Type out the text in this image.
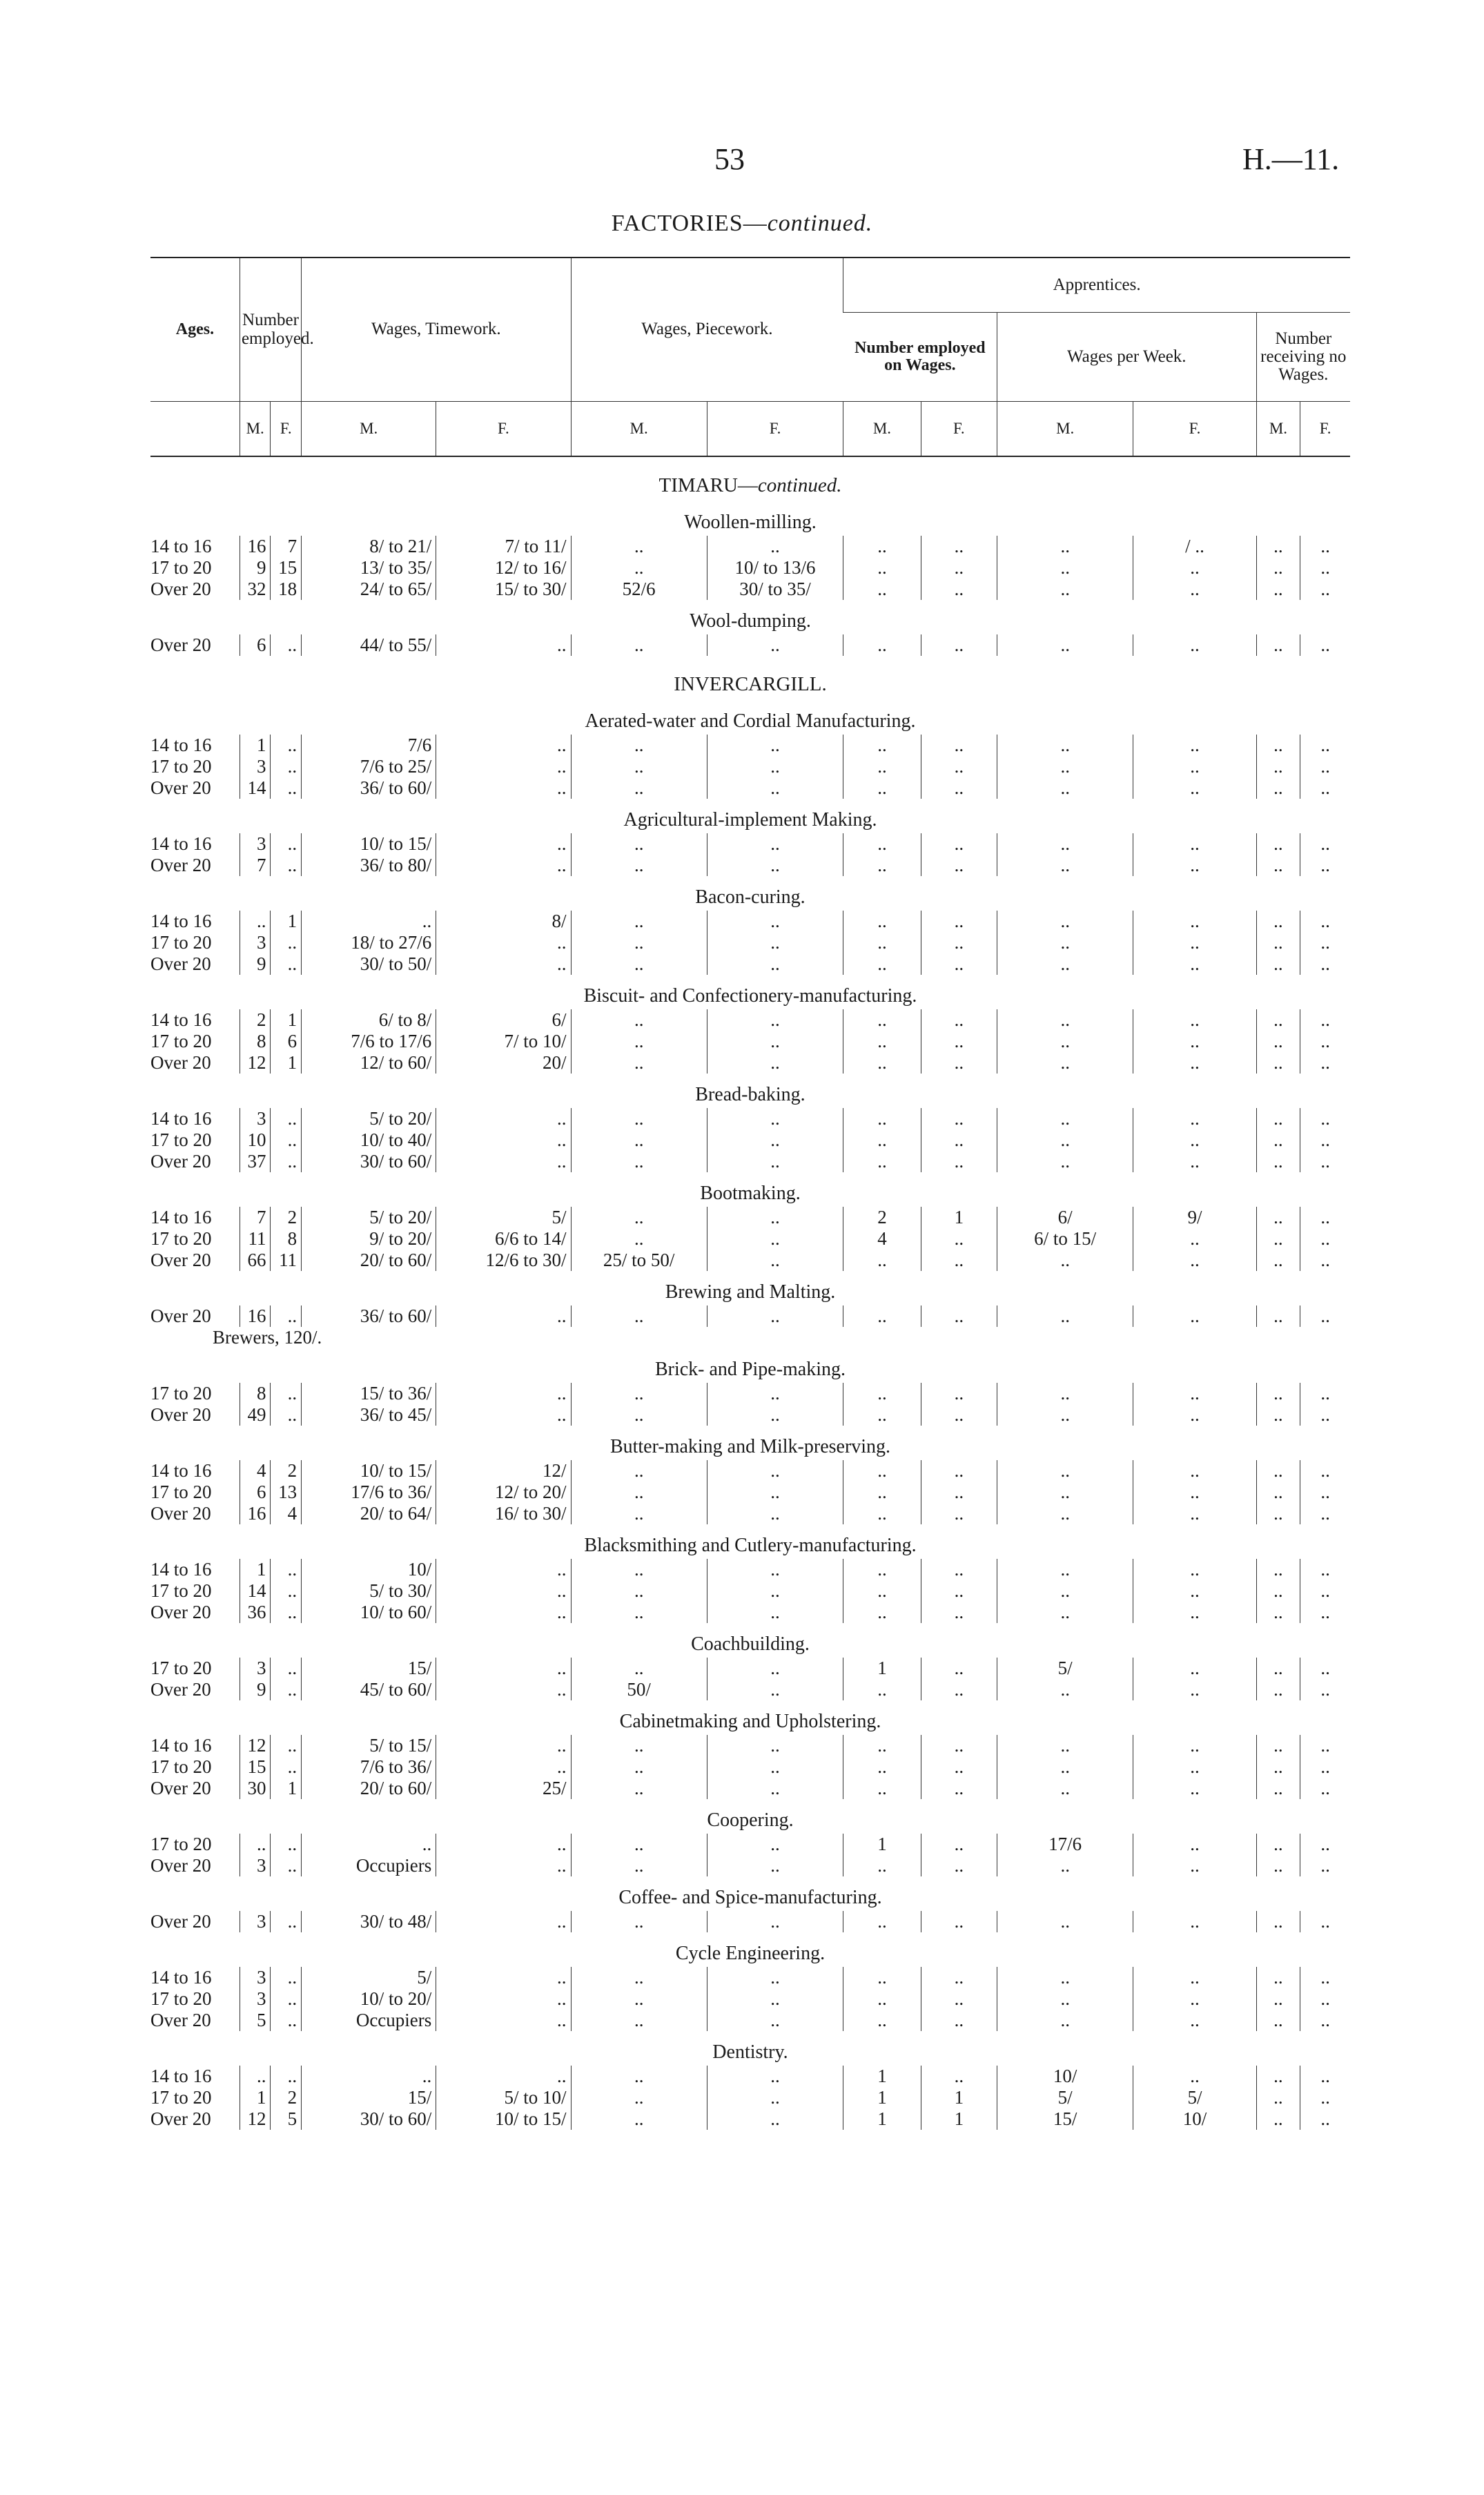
53	H.—11.
FACTORIES—continued.
Ages.	Number employed.		Wages, Timework.		Wages, Piecework.		Apprentices.					
							Number employed on Wages.		Wages per Week.		Number receiving no Wages.	
	M.	F.	M.	F.	M.	F.	M.	F.	M.	F.	M.	F.
TIMARU—continued.												
Woollen-milling.												
14 to 16	16	7	8/ to 21/	7/ to 11/	..	..	..	..	..	/ ..	..	..
17 to 20	9	15	13/ to 35/	12/ to 16/	..	10/ to 13/6	..	..	..	..	..	..
Over 20	32	18	24/ to 65/	15/ to 30/	52/6	30/ to 35/	..	..	..	..	..	..
Wool-dumping.												
Over 20	6	..	44/ to 55/	..	..	..	..	..	..	..	..	..
INVERCARGILL.												
Aerated-water and Cordial Manufacturing.												
14 to 16	1	..	7/6	..	..	..	..	..	..	..	..	..
17 to 20	3	..	7/6 to 25/	..	..	..	..	..	..	..	..	..
Over 20	14	..	36/ to 60/	..	..	..	..	..	..	..	..	..
Agricultural-implement Making.												
14 to 16	3	..	10/ to 15/	..	..	..	..	..	..	..	..	..
Over 20	7	..	36/ to 80/	..	..	..	..	..	..	..	..	..
Bacon-curing.												
14 to 16	..	1	..	8/	..	..	..	..	..	..	..	..
17 to 20	3	..	18/ to 27/6	..	..	..	..	..	..	..	..	..
Over 20	9	..	30/ to 50/	..	..	..	..	..	..	..	..	..
Biscuit- and Confectionery-manufacturing.												
14 to 16	2	1	6/ to 8/	6/	..	..	..	..	..	..	..	..
17 to 20	8	6	7/6 to 17/6	7/ to 10/	..	..	..	..	..	..	..	..
Over 20	12	1	12/ to 60/	20/	..	..	..	..	..	..	..	..
Bread-baking.												
14 to 16	3	..	5/ to 20/	..	..	..	..	..	..	..	..	..
17 to 20	10	..	10/ to 40/	..	..	..	..	..	..	..	..	..
Over 20	37	..	30/ to 60/	..	..	..	..	..	..	..	..	..
Bootmaking.												
14 to 16	7	2	5/ to 20/	5/	..	..	2	1	6/	9/	..	..
17 to 20	11	8	9/ to 20/	6/6 to 14/	..	..	4	..	6/ to 15/	..	..	..
Over 20	66	11	20/ to 60/	12/6 to 30/	25/ to 50/	..	..	..	..	..	..	..
Brewing and Malting.												
Over 20	16	..	36/ to 60/	..	..	..	..	..	..	..	..	..
Brewers, 120/.												
Brick- and Pipe-making.												
17 to 20	8	..	15/ to 36/	..	..	..	..	..	..	..	..	..
Over 20	49	..	36/ to 45/	..	..	..	..	..	..	..	..	..
Butter-making and Milk-preserving.												
14 to 16	4	2	10/ to 15/	12/	..	..	..	..	..	..	..	..
17 to 20	6	13	17/6 to 36/	12/ to 20/	..	..	..	..	..	..	..	..
Over 20	16	4	20/ to 64/	16/ to 30/	..	..	..	..	..	..	..	..
Blacksmithing and Cutlery-manufacturing.												
14 to 16	1	..	10/	..	..	..	..	..	..	..	..	..
17 to 20	14	..	5/ to 30/	..	..	..	..	..	..	..	..	..
Over 20	36	..	10/ to 60/	..	..	..	..	..	..	..	..	..
Coachbuilding.												
17 to 20	3	..	15/	..	..	..	1	..	5/	..	..	..
Over 20	9	..	45/ to 60/	..	50/	..	..	..	..	..	..	..
Cabinetmaking and Upholstering.												
14 to 16	12	..	5/ to 15/	..	..	..	..	..	..	..	..	..
17 to 20	15	..	7/6 to 36/	..	..	..	..	..	..	..	..	..
Over 20	30	1	20/ to 60/	25/	..	..	..	..	..	..	..	..
Coopering.												
17 to 20	..	..	..	..	..	..	1	..	17/6	..	..	..
Over 20	3	..	Occupiers	..	..	..	..	..	..	..	..	..
Coffee- and Spice-manufacturing.												
Over 20	3	..	30/ to 48/	..	..	..	..	..	..	..	..	..
Cycle Engineering.												
14 to 16	3	..	5/	..	..	..	..	..	..	..	..	..
17 to 20	3	..	10/ to 20/	..	..	..	..	..	..	..	..	..
Over 20	5	..	Occupiers	..	..	..	..	..	..	..	..	..
Dentistry.												
14 to 16	..	..	..	..	..	..	1	..	10/	..	..	..
17 to 20	1	2	15/	5/ to 10/	..	..	1	1	5/	5/	..	..
Over 20	12	5	30/ to 60/	10/ to 15/	..	..	1	1	15/	10/	..	..
